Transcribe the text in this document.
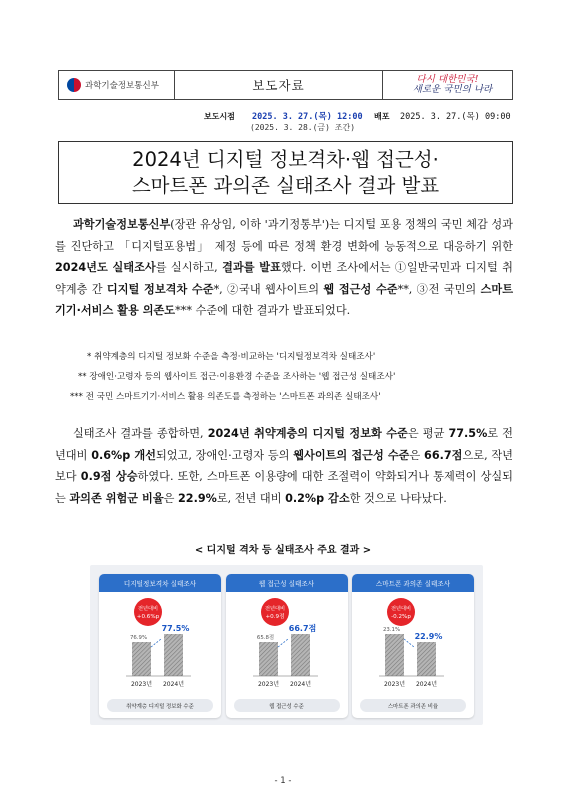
과학기술정보통신부	보도자료	다시 대한민국!
새로운 국민의 나라
보도시점 2025. 3. 27.(목) 12:00
(2025. 3. 28.(금) 조간)
배포 2025. 3. 27.(목) 09:00
2024년 디지털 정보격차·웹 접근성·
스마트폰 과의존 실태조사 결과 발표
과학기술정보통신부(장관 유상임, 이하 '과기정통부')는 디지털 포용 정책의 국민 체감 성과를 진단하고 「디지털포용법」 제정 등에 따른 정책 환경 변화에 능동적으로 대응하기 위한 2024년도 실태조사를 실시하고, 결과를 발표했다. 이번 조사에서는 ①일반국민과 디지털 취약계층 간 디지털 정보격차 수준*, ②국내 웹사이트의 웹 접근성 수준**, ③전 국민의 스마트 기기·서비스 활용 의존도*** 수준에 대한 결과가 발표되었다.
* 취약계층의 디지털 정보화 수준을 측정·비교하는 '디지털정보격차 실태조사'
** 장애인·고령자 등의 웹사이트 접근·이용환경 수준을 조사하는 '웹 접근성 실태조사'
*** 전 국민 스마트기기·서비스 활용 의존도를 측정하는 '스마트폰 과의존 실태조사'
실태조사 결과를 종합하면, 2024년 취약계층의 디지털 정보화 수준은 평균 77.5%로 전년대비 0.6%p 개선되었고, 장애인·고령자 등의 웹사이트의 접근성 수준은 66.7점으로, 작년보다 0.9점 상승하였다. 또한, 스마트폰 이용량에 대한 조절력이 약화되거나 통제력이 상실되는 과의존 위험군 비율은 22.9%로, 전년 대비 0.2%p 감소한 것으로 나타났다.
< 디지털 격차 등 실태조사 주요 결과 >
디지털정보격차 실태조사
전년대비
+0.6%p
76.9%
2023년
77.5%
2024년
취약계층 디지털 정보화 수준
웹 접근성 실태조사
전년대비
+0.9점
65.8점
2023년
66.7점
2024년
웹 접근성 수준
스마트폰 과의존 실태조사
전년대비
-0.2%p
23.1%
2023년
22.9%
2024년
스마트폰 과의존 비율
- 1 -
